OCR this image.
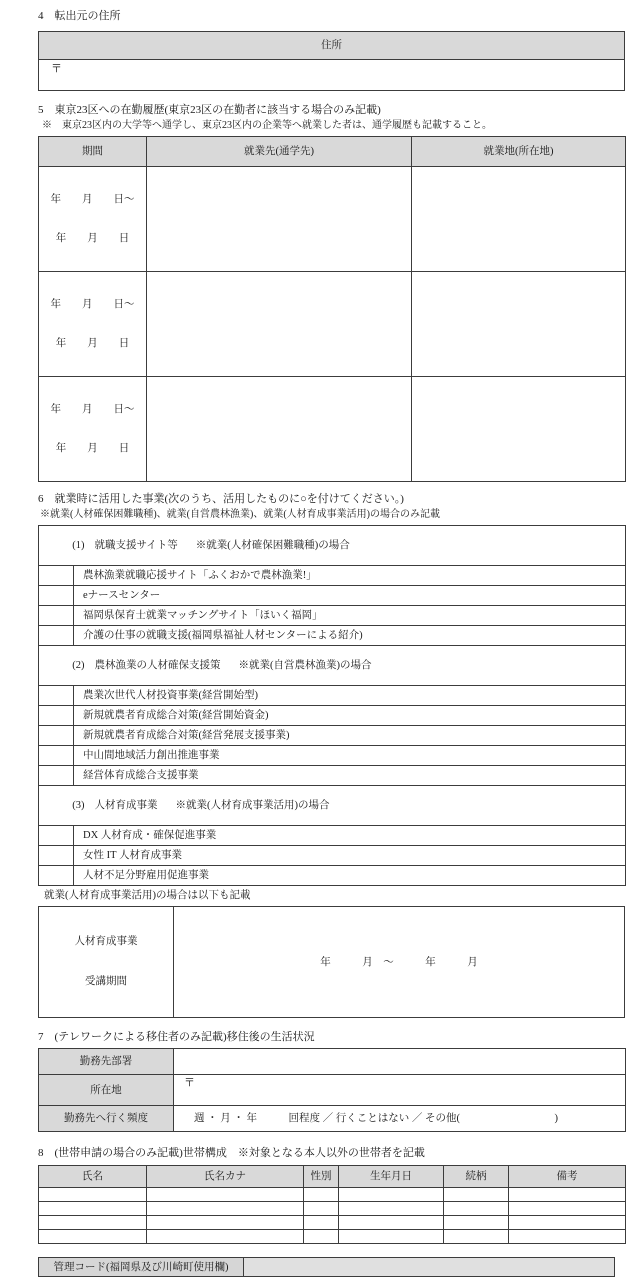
4　転出元の住所
住所
〒
5　東京23区への在勤履歴(東京23区の在勤者に該当する場合のみ記載)
※　東京23区内の大学等へ通学し、東京23区内の企業等へ就業した者は、通学履歴も記載すること。
期間	就業先(通学先)	就業地(所在地)

年　　月　　日～

年　　月　　日		

年　　月　　日～

年　　月　　日		

年　　月　　日～

年　　月　　日		

6　就業時に活用した事業(次のうち、活用したものに○を付けてください。)
※就業(人材確保困難職種)、就業(自営農林漁業)、就業(人材育成事業活用)の場合のみ記載

(1) 就職支援サイト等 ※就業(人材確保困難職種)の場合	

	農林漁業就職応援サイト「ふくおかで農林漁業!」
	eナースセンター
	福岡県保育士就業マッチングサイト「ほいく福岡」
	介護の仕事の就職支援(福岡県福祉人材センターによる紹介)

(2) 農林漁業の人材確保支援策 ※就業(自営農林漁業)の場合	

	農業次世代人材投資事業(経営開始型)
	新規就農者育成総合対策(経営開始資金)
	新規就農者育成総合対策(経営発展支援事業)
	中山間地域活力創出推進事業
	経営体育成総合支援事業

(3) 人材育成事業 ※就業(人材育成事業活用)の場合	

	DX 人材育成・確保促進事業
	女性 IT 人材育成事業
	人材不足分野雇用促進事業
就業(人材育成事業活用)の場合は以下も記載

人材育成事業

受講期間

	年　　　月　～　　　年　　　月
7　(テレワークによる移住者のみ記載)移住後の生活状況
勤務先部署	
所在地	〒
勤務先へ行く頻度	週 ・ 月 ・ 年　　　回程度 ／ 行くことはない ／ その他(　　　　　　　　　)
8　(世帯申請の場合のみ記載)世帯構成　※対象となる本人以外の世帯者を記載
氏名	氏名カナ	性別	生年月日	続柄	備考

管理コード(福岡県及び川崎町使用欄)	
